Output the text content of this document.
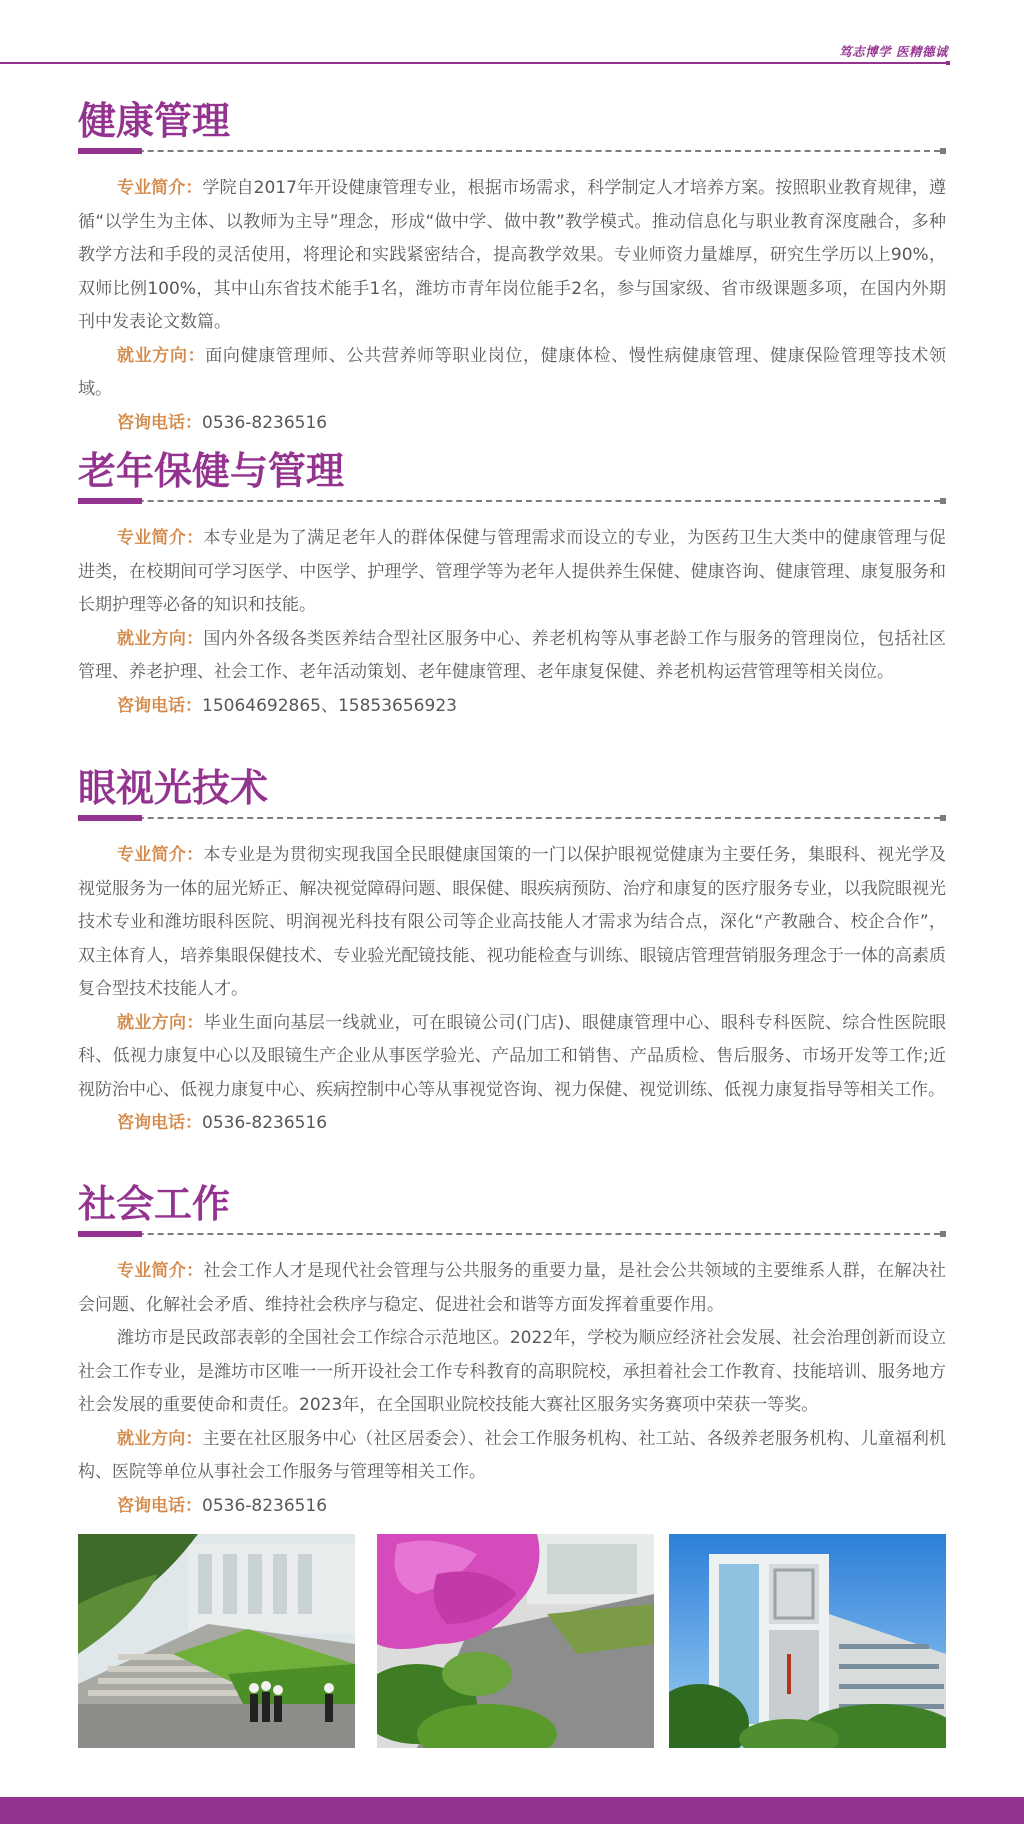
笃志博学 医精德诚
健康管理

专业简介：学院自2017年开设健康管理专业，根据市场需求，科学制定人才培养方案。按照职业教育规律，遵循“以学生为主体、以教师为主导”理念，形成“做中学、做中教”教学模式。推动信息化与职业教育深度融合，多种教学方法和手段的灵活使用，将理论和实践紧密结合，提高教学效果。专业师资力量雄厚，研究生学历以上90%，双师比例100%，其中山东省技术能手1名，潍坊市青年岗位能手2名，参与国家级、省市级课题多项，在国内外期刊中发表论文数篇。

就业方向：面向健康管理师、公共营养师等职业岗位，健康体检、慢性病健康管理、健康保险管理等技术领域。

咨询电话：0536-8236516

老年保健与管理

专业简介：本专业是为了满足老年人的群体保健与管理需求而设立的专业，为医药卫生大类中的健康管理与促进类，在校期间可学习医学、中医学、护理学、管理学等为老年人提供养生保健、健康咨询、健康管理、康复服务和长期护理等必备的知识和技能。

就业方向：国内外各级各类医养结合型社区服务中心、养老机构等从事老龄工作与服务的管理岗位，包括社区管理、养老护理、社会工作、老年活动策划、老年健康管理、老年康复保健、养老机构运营管理等相关岗位。

咨询电话：15064692865、15853656923

眼视光技术

专业简介：本专业是为贯彻实现我国全民眼健康国策的一门以保护眼视觉健康为主要任务，集眼科、视光学及视觉服务为一体的屈光矫正、解决视觉障碍问题、眼保健、眼疾病预防、治疗和康复的医疗服务专业，以我院眼视光技术专业和潍坊眼科医院、明润视光科技有限公司等企业高技能人才需求为结合点，深化“产教融合、校企合作”， 双主体育人，培养集眼保健技术、专业验光配镜技能、视功能检查与训练、眼镜店管理营销服务理念于一体的高素质复合型技术技能人才。

就业方向：毕业生面向基层一线就业，可在眼镜公司(门店)、眼健康管理中心、眼科专科医院、综合性医院眼科、低视力康复中心以及眼镜生产企业从事医学验光、产品加工和销售、产品质检、售后服务、市场开发等工作;近视防治中心、低视力康复中心、疾病控制中心等从事视觉咨询、视力保健、视觉训练、低视力康复指导等相关工作。

咨询电话：0536-8236516

社会工作

专业简介：社会工作人才是现代社会管理与公共服务的重要力量，是社会公共领域的主要维系人群，在解决社会问题、化解社会矛盾、维持社会秩序与稳定、促进社会和谐等方面发挥着重要作用。

潍坊市是民政部表彰的全国社会工作综合示范地区。2022年，学校为顺应经济社会发展、社会治理创新而设立社会工作专业，是潍坊市区唯一一所开设社会工作专科教育的高职院校，承担着社会工作教育、技能培训、服务地方社会发展的重要使命和责任。2023年，在全国职业院校技能大赛社区服务实务赛项中荣获一等奖。

就业方向：主要在社区服务中心（社区居委会）、社会工作服务机构、社工站、各级养老服务机构、儿童福利机构、医院等单位从事社会工作服务与管理等相关工作。

咨询电话：0536-8236516
